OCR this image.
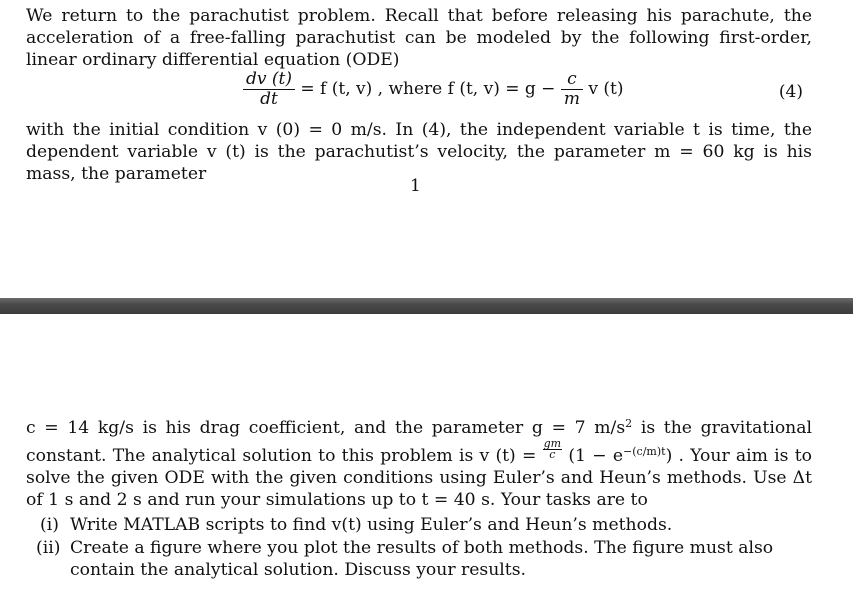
We return to the parachutist problem. Recall that before releasing his parachute, the acceleration of a free-falling parachutist can be modeled by the following first-order, linear ordinary differential equation (ODE)

$\frac{dv (t)}{dt} = f$ (t, v) , where f (t, $v) = g - \frac{c}{m}$ v (t)	(4)

with the initial condition v (0) = 0 m/s. In (4), the independent variable t is time, the dependent variable v (t) is the parachutist’s velocity, the parameter m = 60 kg is his mass, the parameter

1

c = 14 kg/s is his drag coefficient, and the parameter g = 7 $m/s^2$ is the gravitational constant. The analytical solution to this problem is v $(t) = \frac{gm}{c} (1 - e^{-(c/m)t})$ . Your aim is to solve the given ODE with the given conditions using Euler’s and Heun’s methods. Use Δt of 1 s and 2 s and run your simulations up to t = 40 s. Your tasks are to

(i) Write MATLAB scripts to find v(t) using Euler’s and Heun’s methods.
(ii) Create a figure where you plot the results of both methods. The figure must also contain the analytical solution. Discuss your results.
